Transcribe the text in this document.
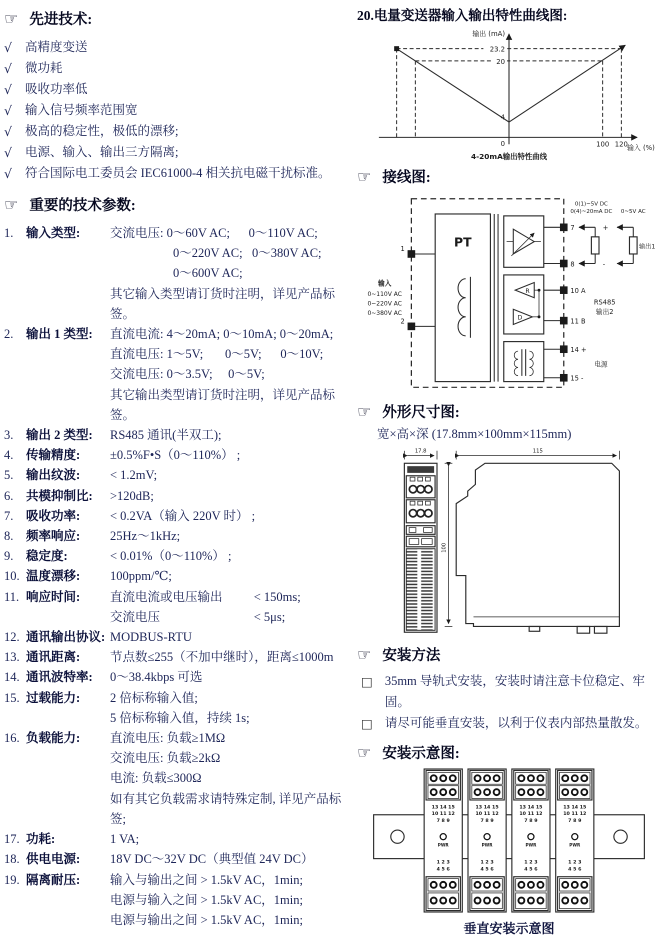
☞ 先进技术:
√	高精度变送
√	微功耗
√	吸收功率低
√	输入信号频率范围宽
√	极高的稳定性，极低的漂移;
√	电源、输入、输出三方隔离;
√	符合国际电工委员会 IEC61000-4 相关抗电磁干扰标准。
☞ 重要的技术参数:
1.	输入类型:	交流电压: 0～60V AC;      0～110V AC;
0～220V AC;   0～380V AC;
0～600V AC;
其它输入类型请订货时注明，详见产品标签。
2.	输出 1 类型:	直流电流: 4～20mA; 0～10mA; 0～20mA;
直流电压: 1～5V;       0～5V;      0～10V;
交流电压: 0～3.5V;     0～5V;
其它输出类型请订货时注明，详见产品标签。
3.	输出 2 类型:	RS485 通讯(半双工);
4.	传输精度:	±0.5%F•S（0～110%） ;
5.	输出纹波:	< 1.2mV;
6.	共模抑制比:	>120dB;
7.	吸收功率:	< 0.2VA（输入 220V 时） ;
8.	频率响应:	25Hz～1kHz;
9.	稳定度:	< 0.01%（0～110%） ;
10. 温度漂移:	100ppm/℃;
11. 响应时间:	直流电流或电压输出　　  < 150ms;
交流电压　　　　　　　  < 5μs;
12. 通讯输出协议: MODBUS-RTU
13. 通讯距离:	节点数≤255（不加中继时），距离≤1000m
14. 通讯波特率:	0～38.4kbps 可选
15. 过载能力:	2 倍标称输入值;
5 倍标称输入值，持续 1s;
16. 负载能力:	直流电压: 负载≥1MΩ
交流电压: 负载≥2kΩ
电流: 负载≤300Ω
如有其它负载需求请特殊定制, 详见产品标签;
17. 功耗:	1 VA;
18. 供电电源:	18V DC～32V DC（典型值 24V DC）
19. 隔离耐压:	输入与输出之间 > 1.5kV AC，1min;
电源与输入之间 > 1.5kV AC，1min;
电源与输出之间 > 1.5kV AC，1min;
20.电量变送器输入输出特性曲线图:
输出 (mA)
23.2
20
4
0	100 120 输入 (%)
4-20mA输出特性曲线
☞ 接线图:
PT
R
D
1
2
7
8
10 A
11 B
14 +
15 -
输入
0~110V AC
0~220V AC
0~380V AC
RS485
输出2
电源
0(1)~5V DC
0(4)~20mA DC
+
-
0~5V AC
输出1
☞ 外形尺寸图:
宽×高×深 (17.8mm×100mm×115mm)
17.8	115
100
☞ 安装方法
□ 35mm 导轨式安装，安装时请注意卡位稳定、牢固。
□ 请尽可能垂直安装，以利于仪表内部热量散发。
☞ 安装示意图:
13 14 15
10 11 12
7 8 9
PWR
1 2 3
4 5 6
13 14 15
10 11 12
7 8 9
PWR
1 2 3
4 5 6
13 14 15
10 11 12
7 8 9
PWR
1 2 3
4 5 6
13 14 15
10 11 12
7 8 9
PWR
1 2 3
4 5 6
垂直安装示意图
